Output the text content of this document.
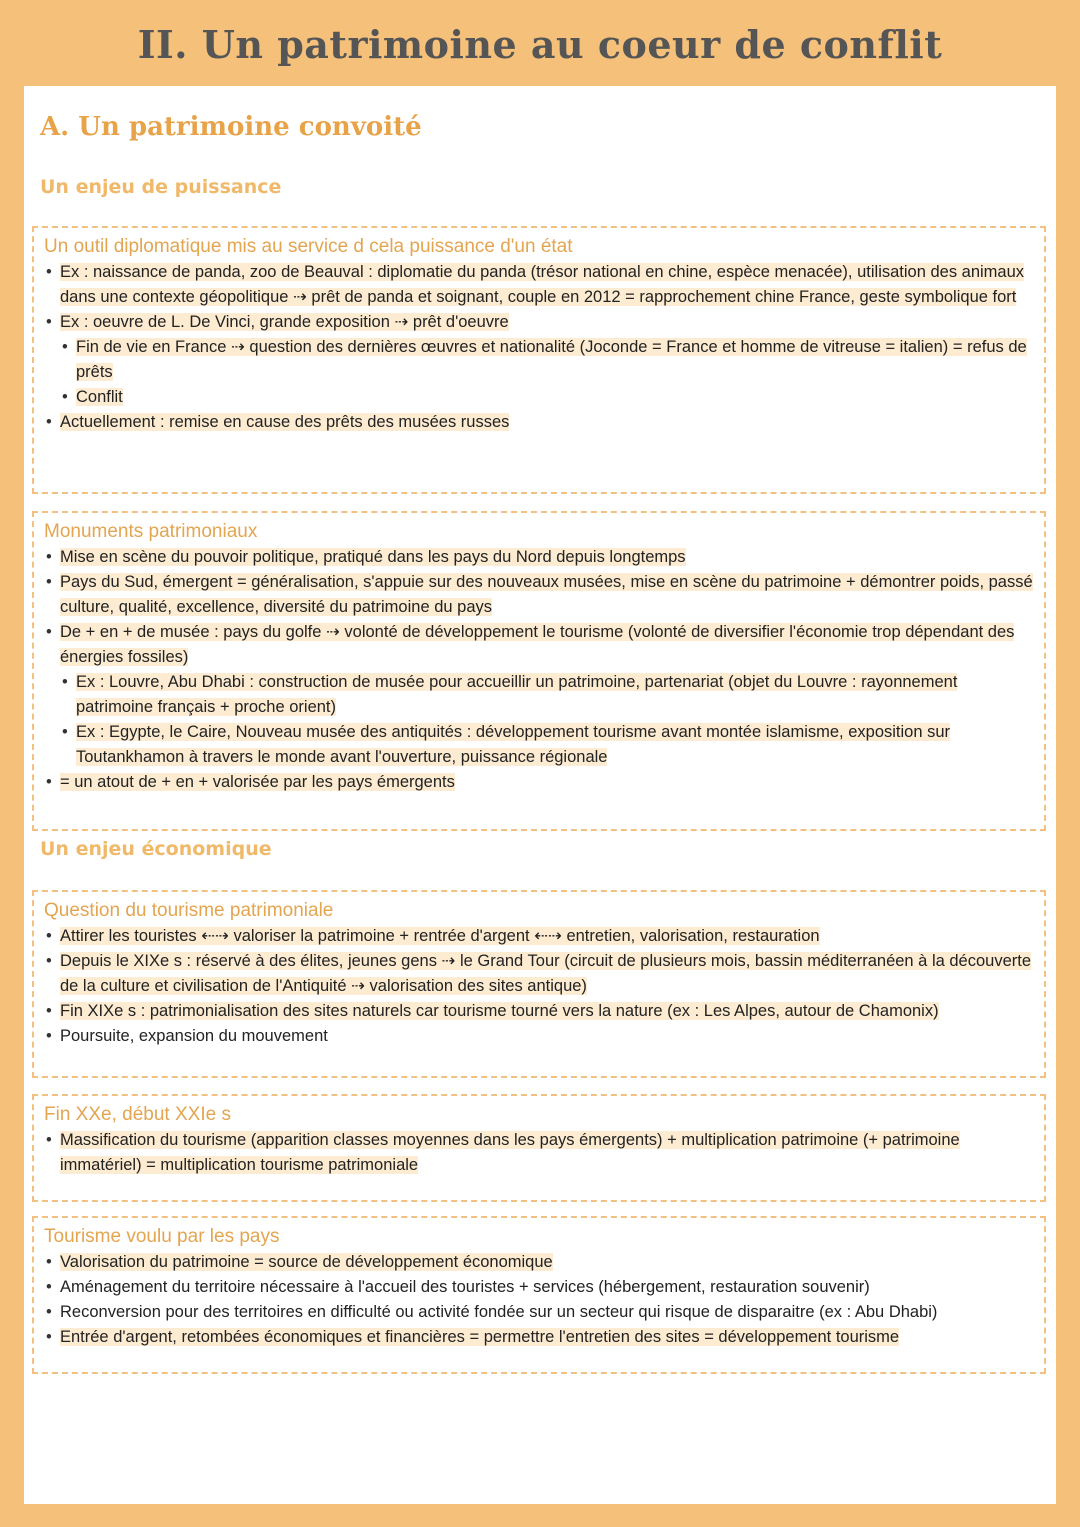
II. Un patrimoine au coeur de conflit
A. Un patrimoine convoité
Un enjeu de puissance
Un outil diplomatique mis au service d cela puissance d'un état
• Ex : naissance de panda, zoo de Beauval : diplomatie du panda (trésor national en chine, espèce menacée), utilisation des animaux dans une contexte géopolitique ⇢ prêt de panda et soignant, couple en 2012 = rapprochement chine France, geste symbolique fort
• Ex : oeuvre de L. De Vinci, grande exposition ⇢ prêt d'oeuvre
• Fin de vie en France ⇢ question des dernières œuvres et nationalité (Joconde = France et homme de vitreuse = italien) = refus de prêts
• Conflit
• Actuellement : remise en cause des prêts des musées russes
Monuments patrimoniaux
• Mise en scène du pouvoir politique, pratiqué dans les pays du Nord depuis longtemps
• Pays du Sud, émergent = généralisation, s'appuie sur des nouveaux musées, mise en scène du patrimoine + démontrer poids, passé culture, qualité, excellence, diversité du patrimoine du pays
• De + en + de musée : pays du golfe ⇢ volonté de développement le tourisme (volonté de diversifier l'économie trop dépendant des énergies fossiles)
• Ex : Louvre, Abu Dhabi : construction de musée pour accueillir un patrimoine, partenariat (objet du Louvre : rayonnement patrimoine français + proche orient)
• Ex : Egypte, le Caire, Nouveau musée des antiquités : développement tourisme avant montée islamisme, exposition sur Toutankhamon à travers le monde avant l'ouverture, puissance régionale
• = un atout de + en + valorisée par les pays émergents
Un enjeu économique
Question du tourisme patrimoniale
• Attirer les touristes ⇠⇢ valoriser la patrimoine + rentrée d'argent ⇠⇢ entretien, valorisation, restauration
• Depuis le XIXe s : réservé à des élites, jeunes gens ⇢ le Grand Tour (circuit de plusieurs mois, bassin méditerranéen à la découverte de la culture et civilisation de l'Antiquité ⇢ valorisation des sites antique)
• Fin XIXe s : patrimonialisation des sites naturels car tourisme tourné vers la nature (ex : Les Alpes, autour de Chamonix)
• Poursuite, expansion du mouvement
Fin XXe, début XXIe s
• Massification du tourisme (apparition classes moyennes dans les pays émergents) + multiplication patrimoine (+ patrimoine immatériel) = multiplication tourisme patrimoniale
Tourisme voulu par les pays
• Valorisation du patrimoine = source de développement économique
• Aménagement du territoire nécessaire à l'accueil des touristes + services (hébergement, restauration souvenir)
• Reconversion pour des territoires en difficulté ou activité fondée sur un secteur qui risque de disparaitre (ex : Abu Dhabi)
• Entrée d'argent, retombées économiques et financières = permettre l'entretien des sites = développement tourisme
